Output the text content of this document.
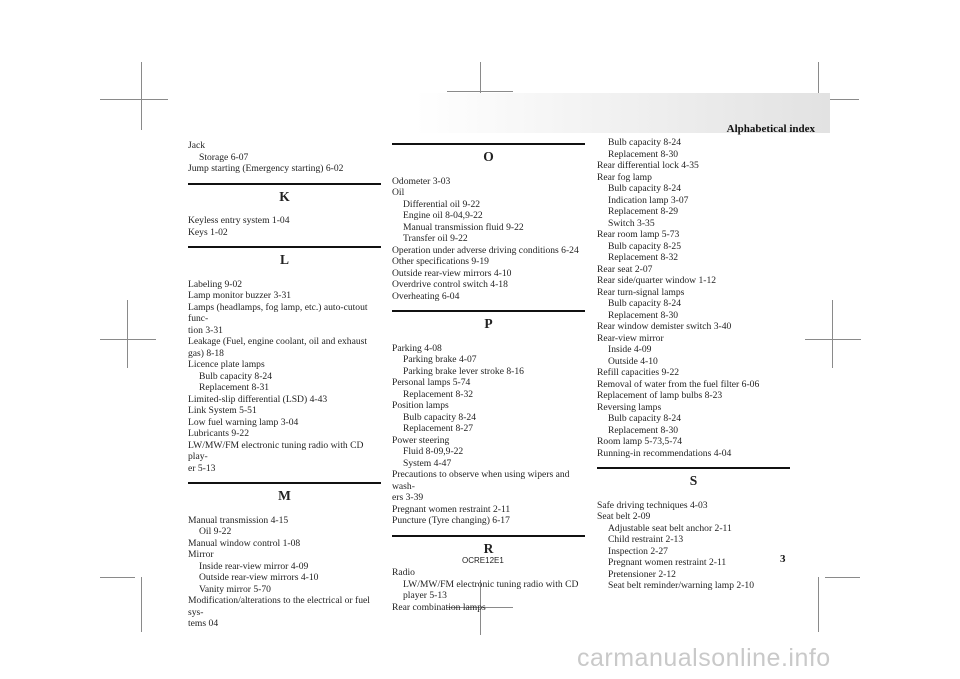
Alphabetical index
Jack
Storage 6-07
Jump starting (Emergency starting) 6-02
K
Keyless entry system 1-04
Keys 1-02
L
Labeling 9-02
Lamp monitor buzzer 3-31
Lamps (headlamps, fog lamp, etc.) auto-cutout func-
tion 3-31
Leakage (Fuel, engine coolant, oil and exhaust
gas) 8-18
Licence plate lamps
Bulb capacity 8-24
Replacement 8-31
Limited-slip differential (LSD) 4-43
Link System 5-51
Low fuel warning lamp 3-04
Lubricants 9-22
LW/MW/FM electronic tuning radio with CD play-
er 5-13
M
Manual transmission 4-15
Oil 9-22
Manual window control 1-08
Mirror
Inside rear-view mirror 4-09
Outside rear-view mirrors 4-10
Vanity mirror 5-70
Modification/alterations to the electrical or fuel sys-
tems 04
O
Odometer 3-03
Oil
Differential oil 9-22
Engine oil 8-04,9-22
Manual transmission fluid 9-22
Transfer oil 9-22
Operation under adverse driving conditions 6-24
Other specifications 9-19
Outside rear-view mirrors 4-10
Overdrive control switch 4-18
Overheating 6-04
P
Parking 4-08
Parking brake 4-07
Parking brake lever stroke 8-16
Personal lamps 5-74
Replacement 8-32
Position lamps
Bulb capacity 8-24
Replacement 8-27
Power steering
Fluid 8-09,9-22
System 4-47
Precautions to observe when using wipers and wash-
ers 3-39
Pregnant women restraint 2-11
Puncture (Tyre changing) 6-17
R
Radio
LW/MW/FM electronic tuning radio with CD
player 5-13
Rear combination lamps
Bulb capacity 8-24
Replacement 8-30
Rear differential lock 4-35
Rear fog lamp
Bulb capacity 8-24
Indication lamp 3-07
Replacement 8-29
Switch 3-35
Rear room lamp 5-73
Bulb capacity 8-25
Replacement 8-32
Rear seat 2-07
Rear side/quarter window 1-12
Rear turn-signal lamps
Bulb capacity 8-24
Replacement 8-30
Rear window demister switch 3-40
Rear-view mirror
Inside 4-09
Outside 4-10
Refill capacities 9-22
Removal of water from the fuel filter 6-06
Replacement of lamp bulbs 8-23
Reversing lamps
Bulb capacity 8-24
Replacement 8-30
Room lamp 5-73,5-74
Running-in recommendations 4-04
S
Safe driving techniques 4-03
Seat belt 2-09
Adjustable seat belt anchor 2-11
Child restraint 2-13
Inspection 2-27
Pregnant women restraint 2-11
Pretensioner 2-12
Seat belt reminder/warning lamp 2-10
OCRE12E1	3
carmanualsonline.info
